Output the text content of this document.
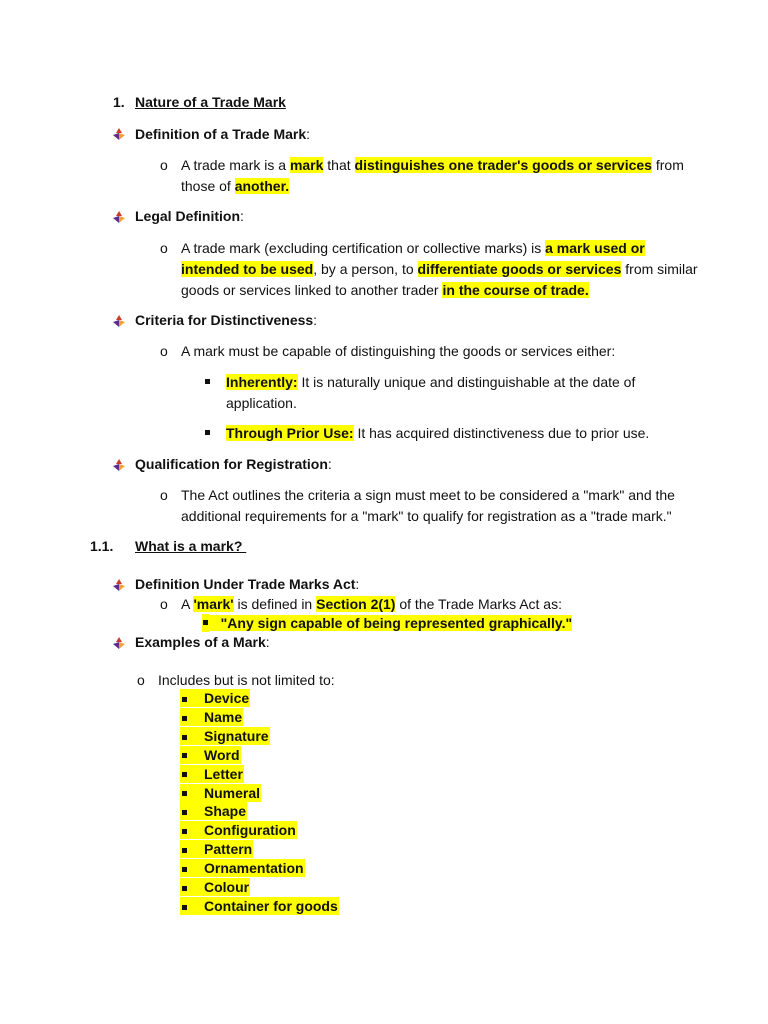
1. Nature of a Trade Mark
Definition of a Trade Mark:
o A trade mark is a mark that distinguishes one trader's goods or services from
those of another.
Legal Definition:
o A trade mark (excluding certification or collective marks) is a mark used or
intended to be used, by a person, to differentiate goods or services from similar
goods or services linked to another trader in the course of trade.
Criteria for Distinctiveness:
o A mark must be capable of distinguishing the goods or services either:
Inherently: It is naturally unique and distinguishable at the date of
application.
Through Prior Use: It has acquired distinctiveness due to prior use.
Qualification for Registration:
o The Act outlines the criteria a sign must meet to be considered a "mark" and the
additional requirements for a "mark" to qualify for registration as a "trade mark."
1.1. What is a mark?
Definition Under Trade Marks Act:
o A 'mark' is defined in Section 2(1) of the Trade Marks Act as:
"Any sign capable of being represented graphically."
Examples of a Mark:
o Includes but is not limited to:
Device
Name
Signature
Word
Letter
Numeral
Shape
Configuration
Pattern
Ornamentation
Colour
Container for goods
